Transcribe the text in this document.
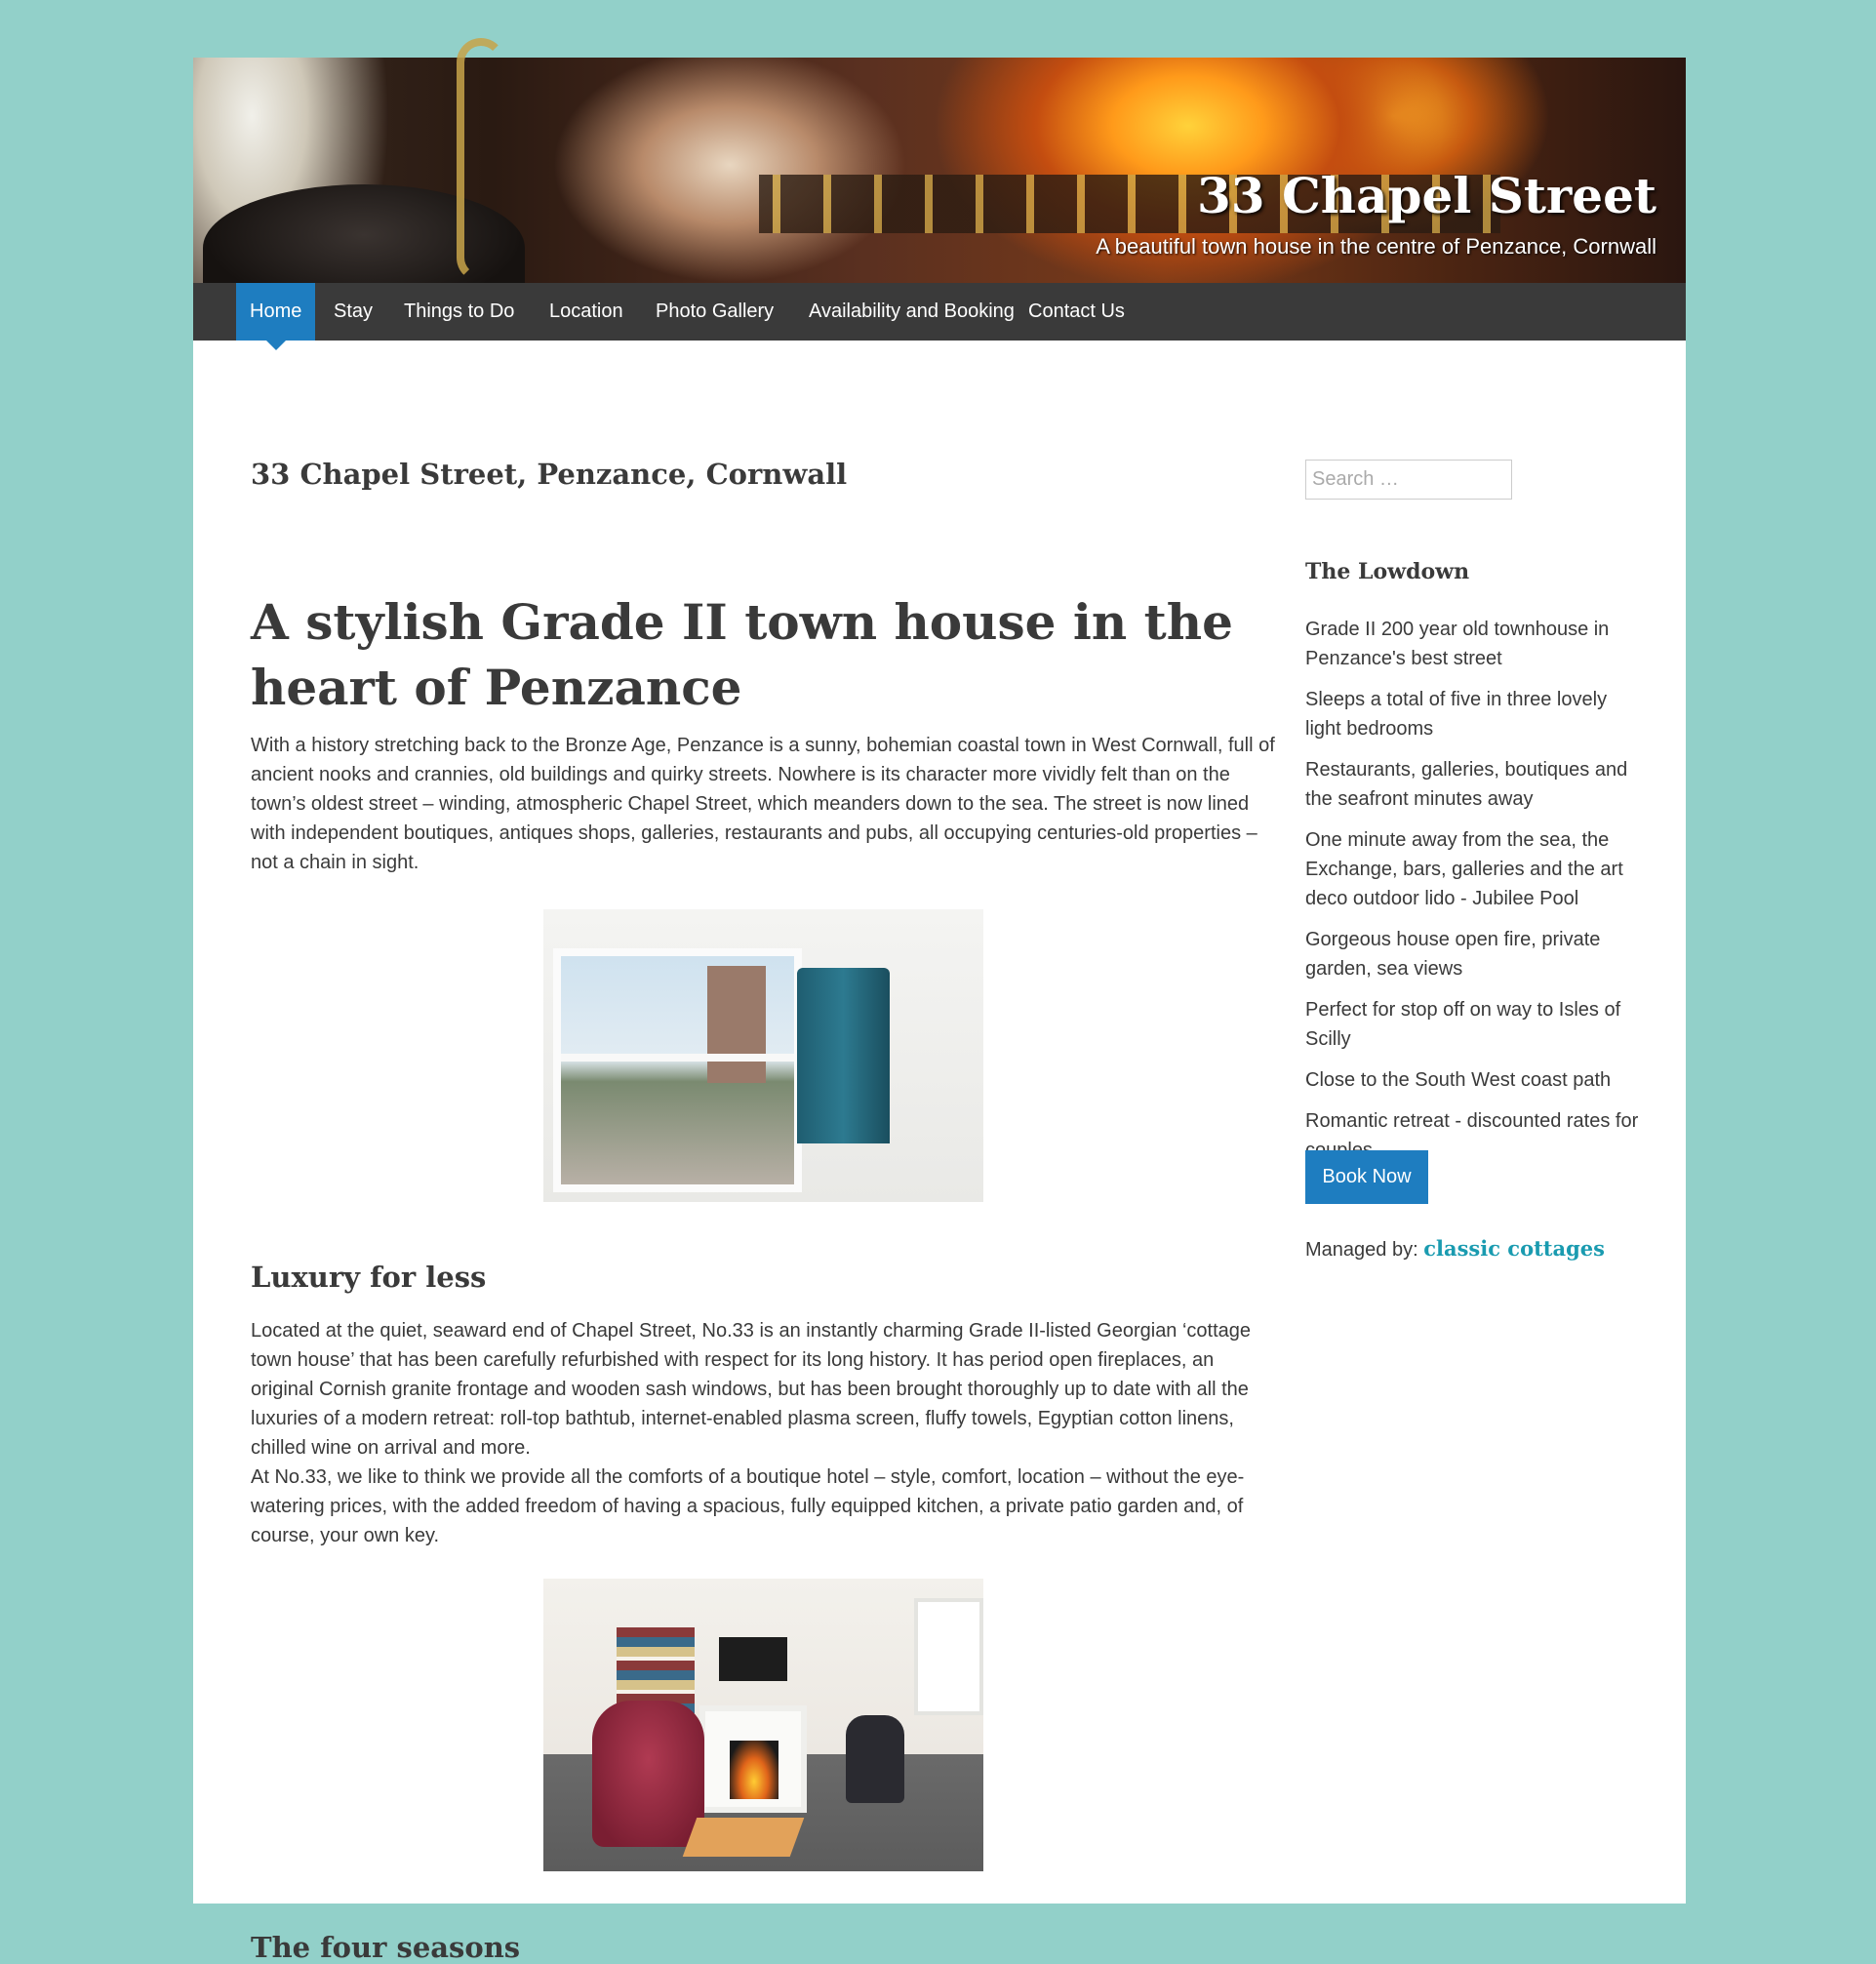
33 Chapel Street
A beautiful town house in the centre of Penzance, Cornwall
Home	Stay	Things to Do	Location	Photo Gallery	Availability and Booking Contact Us
33 Chapel Street, Penzance, Cornwall
A stylish Grade II town house in the heart of Penzance

With a history stretching back to the Bronze Age, Penzance is a sunny, bohemian coastal town in West Cornwall, full of ancient nooks and crannies, old buildings and quirky streets. Nowhere is its character more vividly felt than on the town’s oldest street – winding, atmospheric Chapel Street, which meanders down to the sea. The street is now lined with independent boutiques, antiques shops, galleries, restaurants and pubs, all occupying centuries-old properties – not a chain in sight.

Luxury for less

Located at the quiet, seaward end of Chapel Street, No.33 is an instantly charming Grade II-listed Georgian ‘cottage town house’ that has been carefully refurbished with respect for its long history. It has period open fireplaces, an original Cornish granite frontage and wooden sash windows, but has been brought thoroughly up to date with all the luxuries of a modern retreat: roll-top bathtub, internet-enabled plasma screen, fluffy towels, Egyptian cotton linens, chilled wine on arrival and more.

At No.33, we like to think we provide all the comforts of a boutique hotel – style, comfort, location – without the eye-watering prices, with the added freedom of having a spacious, fully equipped kitchen, a private patio garden and, of course, your own key.

The four seasons
Search …
The Lowdown
Grade II 200 year old townhouse in Penzance's best street
Sleeps a total of five in three lovely light bedrooms
Restaurants, galleries, boutiques and the seafront minutes away
One minute away from the sea, the Exchange, bars, galleries and the art deco outdoor lido - Jubilee Pool
Gorgeous house open fire, private garden, sea views
Perfect for stop off on way to Isles of Scilly
Close to the South West coast path
Romantic retreat - discounted rates for
Book Now
Managed by: classic cottages
